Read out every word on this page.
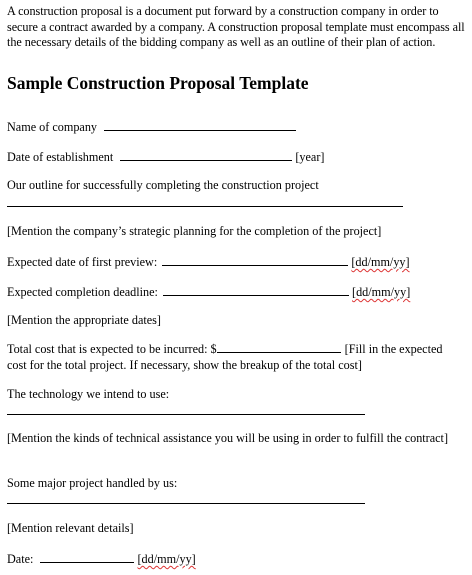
A construction proposal is a document put forward by a construction company in order to secure a contract awarded by a company. A construction proposal template must encompass all the necessary details of the bidding company as well as an outline of their plan of action.

Sample Construction Proposal Template
Name of company
Date of establishment	[year]
Our outline for successfully completing the construction project
[Mention the company’s strategic planning for the completion of the project]
Expected date of first preview:	[dd/mm/yy]
Expected completion deadline:	[dd/mm/yy]
[Mention the appropriate dates]
Total cost that is expected to be incurred: $	[Fill in the expected cost for the total project. If necessary, show the breakup of the total cost]
The technology we intend to use:
[Mention the kinds of technical assistance you will be using in order to fulfill the contract]
Some major project handled by us:
[Mention relevant details]
Date:	[dd/mm/yy]
